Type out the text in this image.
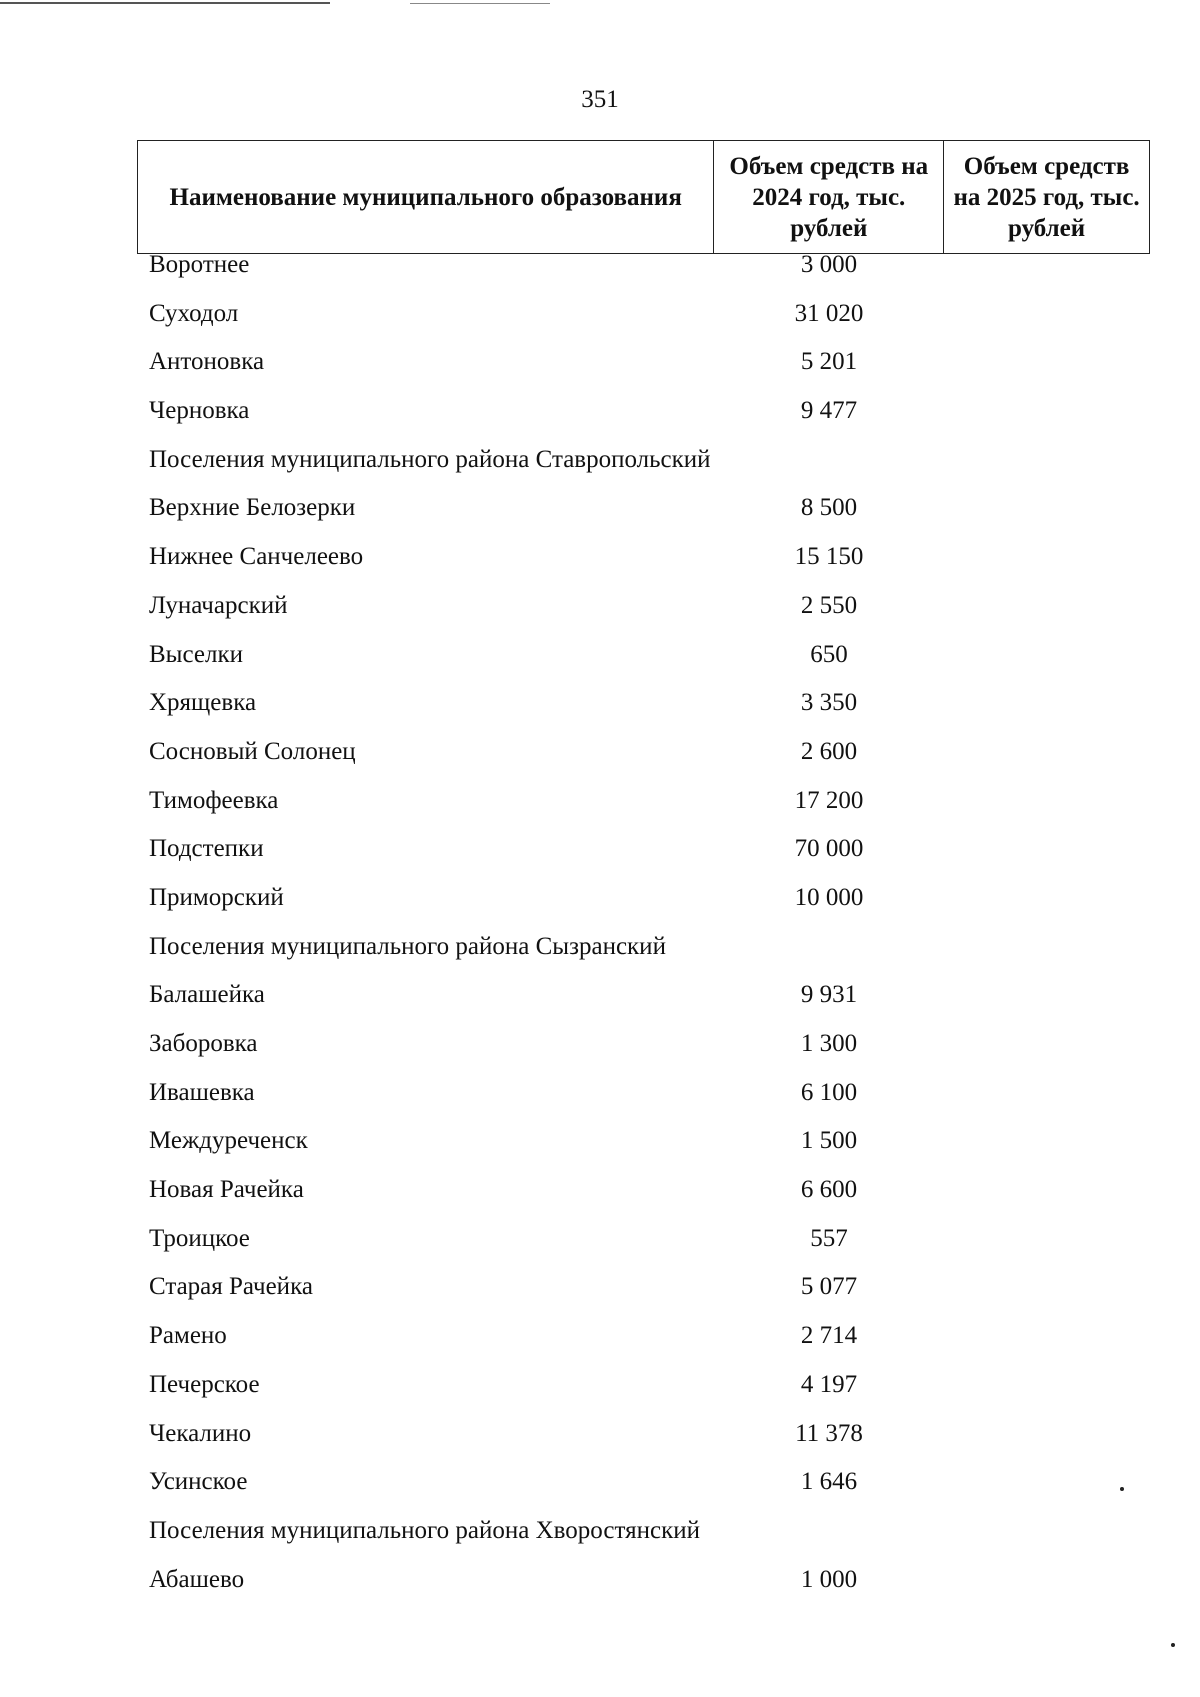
351
Наименование муниципального образования	Объем средств на 2024 год, тыс. рублей	Объем средств на 2025 год, тыс. рублей
Воротнее	3 000	
Суходол	31 020	
Антоновка	5 201	
Черновка	9 477	
Поселения муниципального района Ставропольский		
Верхние Белозерки	8 500	
Нижнее Санчелеево	15 150	
Луначарский	2 550	
Выселки	650	
Хрящевка	3 350	
Сосновый Солонец	2 600	
Тимофеевка	17 200	
Подстепки	70 000	
Приморский	10 000	
Поселения муниципального района Сызранский		
Балашейка	9 931	
Заборовка	1 300	
Ивашевка	6 100	
Междуреченск	1 500	
Новая Рачейка	6 600	
Троицкое	557	
Старая Рачейка	5 077	
Рамено	2 714	
Печерское	4 197	
Чекалино	11 378	
Усинское	1 646	
Поселения муниципального района Хворостянский		
Абашево	1 000	
